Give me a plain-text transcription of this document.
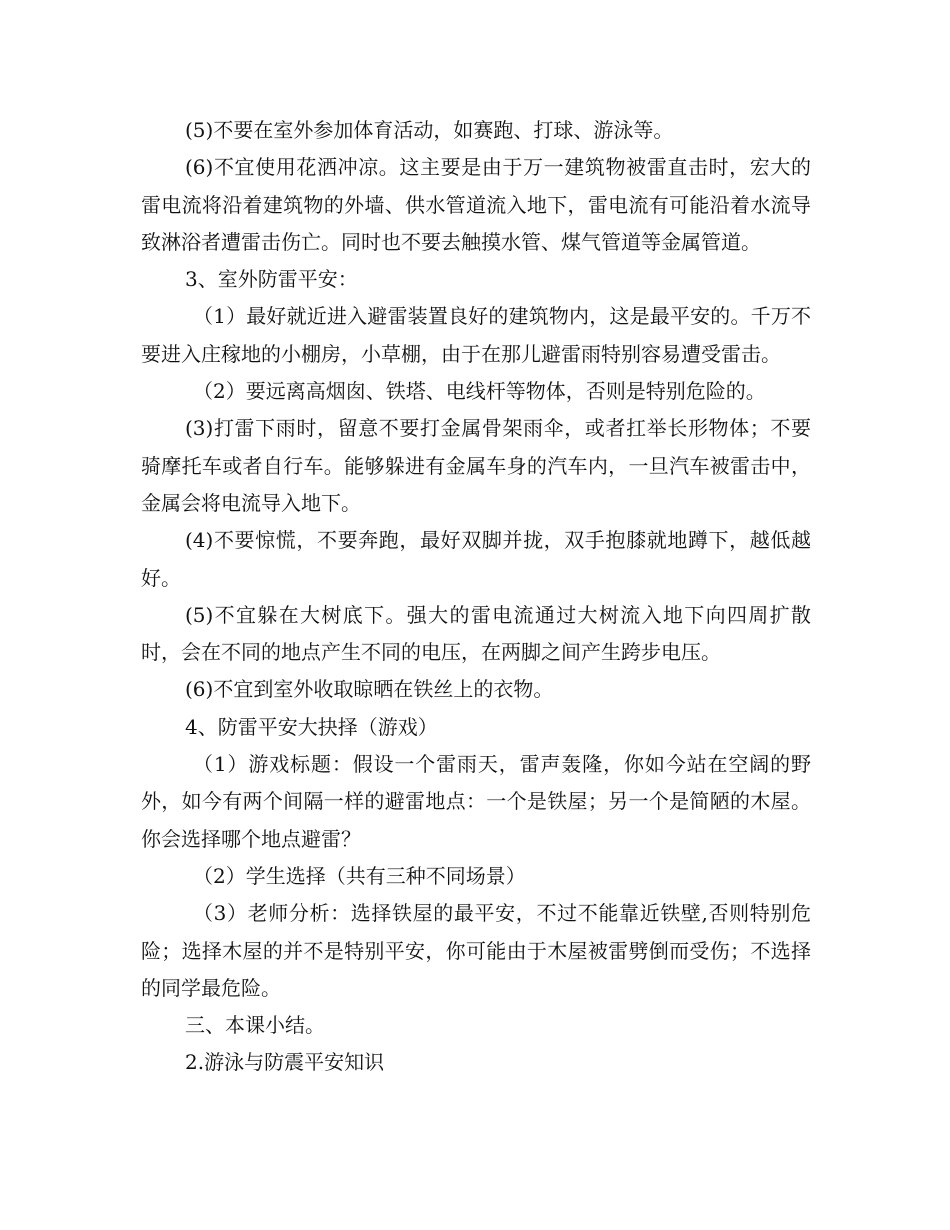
(5)不要在室外参加体育活动，如赛跑、打球、游泳等。

(6)不宜使用花洒冲凉。这主要是由于万一建筑物被雷直击时，宏大的雷电流将沿着建筑物的外墙、供水管道流入地下，雷电流有可能沿着水流导致淋浴者遭雷击伤亡。同时也不要去触摸水管、煤气管道等金属管道。

3、室外防雷平安：

（1）最好就近进入避雷装置良好的建筑物内，这是最平安的。千万不要进入庄稼地的小棚房，小草棚，由于在那儿避雷雨特别容易遭受雷击。

（2）要远离高烟囱、铁塔、电线杆等物体，否则是特别危险的。

(3)打雷下雨时，留意不要打金属骨架雨伞，或者扛举长形物体；不要骑摩托车或者自行车。能够躲进有金属车身的汽车内，一旦汽车被雷击中，金属会将电流导入地下。

(4)不要惊慌，不要奔跑，最好双脚并拢，双手抱膝就地蹲下，越低越好。

(5)不宜躲在大树底下。强大的雷电流通过大树流入地下向四周扩散时，会在不同的地点产生不同的电压，在两脚之间产生跨步电压。

(6)不宜到室外收取晾晒在铁丝上的衣物。

4、防雷平安大抉择（游戏）

（1）游戏标题：假设一个雷雨天，雷声轰隆，你如今站在空阔的野外，如今有两个间隔一样的避雷地点：一个是铁屋；另一个是简陋的木屋。你会选择哪个地点避雷？

（2）学生选择（共有三种不同场景）

（3）老师分析：选择铁屋的最平安，不过不能靠近铁壁,否则特别危险；选择木屋的并不是特别平安，你可能由于木屋被雷劈倒而受伤；不选择的同学最危险。

三、本课小结。

2.游泳与防震平安知识
